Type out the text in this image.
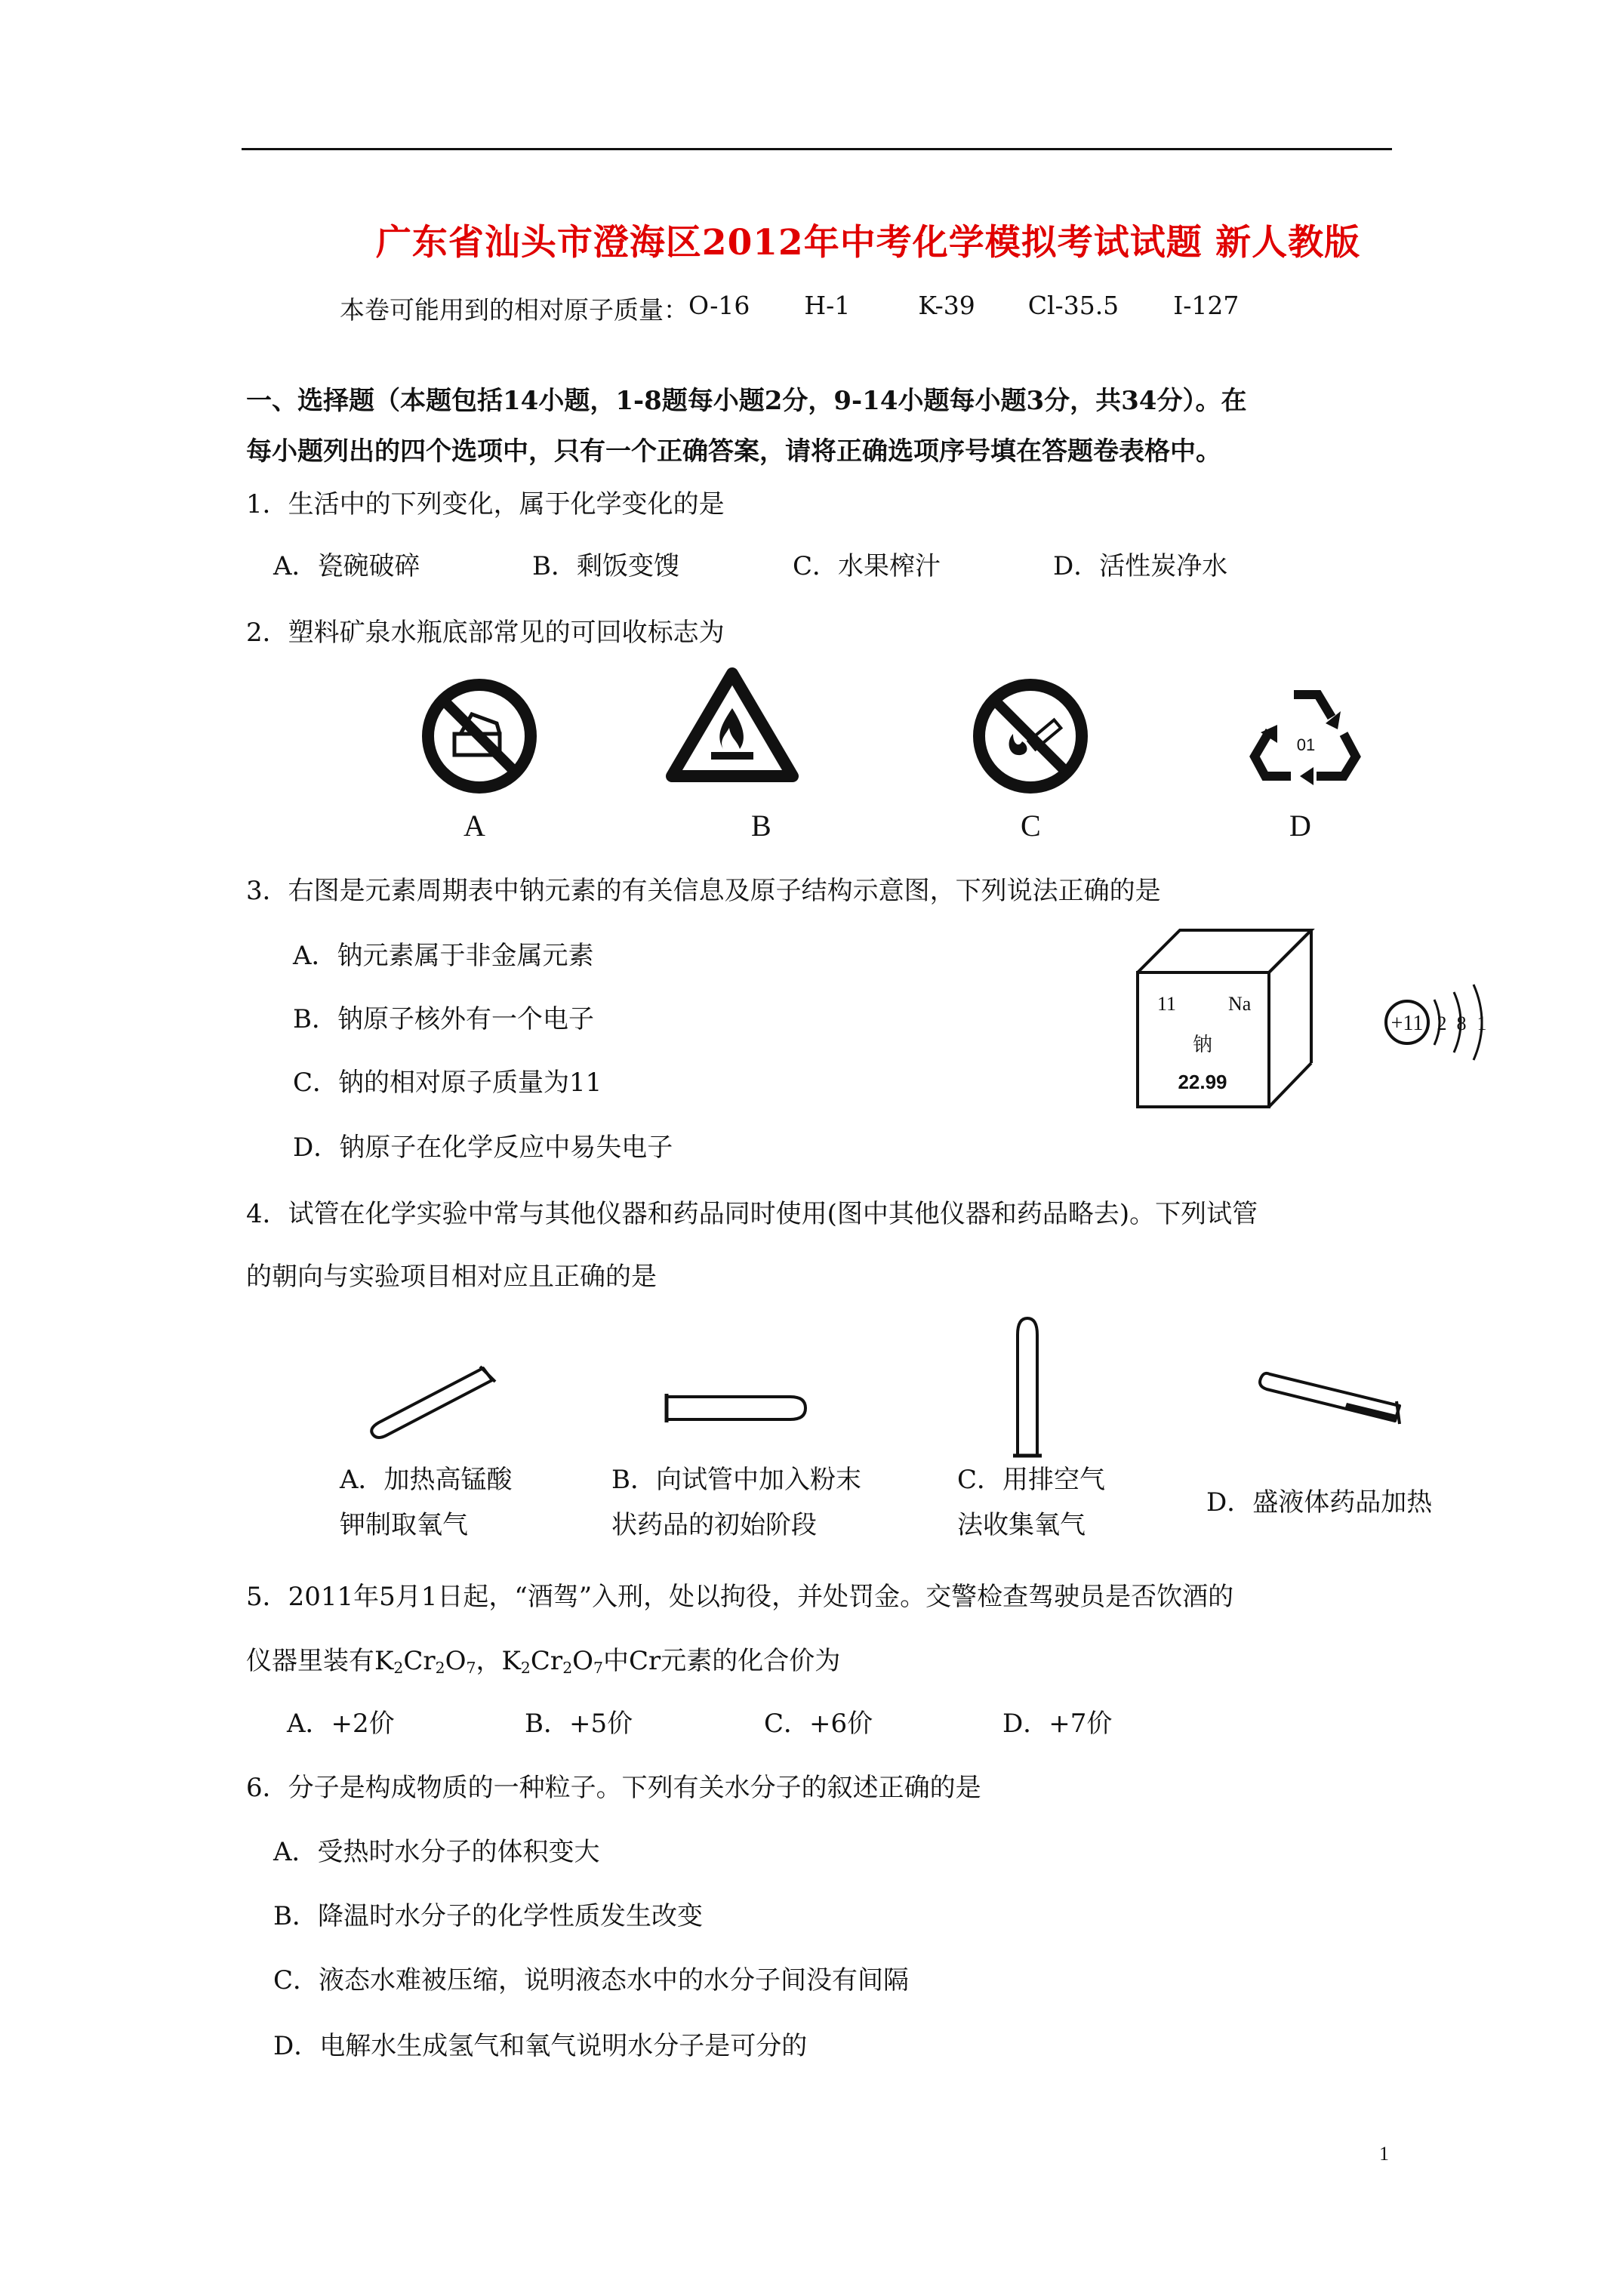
广东省汕头市澄海区2012年中考化学模拟考试试题 新人教版
本卷可能用到的相对原子质量： O-16 H-1	K-39 Cl-35.5 I-127
一、选择题（本题包括14小题，1-8题每小题2分，9-14小题每小题3分，共34分）。在
每小题列出的四个选项中，只有一个正确答案，请将正确选项序号填在答题卷表格中。
1．生活中的下列变化，属于化学变化的是
A．瓷碗破碎	B．剩饭变馊	C．水果榨汁	D．活性炭净水
2．塑料矿泉水瓶底部常见的可回收标志为
01
A	B	C	D
3．右图是元素周期表中钠元素的有关信息及原子结构示意图，下列说法正确的是
A．钠元素属于非金属元素
B．钠原子核外有一个电子
C．钠的相对原子质量为11
D．钠原子在化学反应中易失电子
11	Na
钠
22.99
+11 2 8 1
4．试管在化学实验中常与其他仪器和药品同时使用(图中其他仪器和药品略去)。下列试管
的朝向与实验项目相对应且正确的是
A．加热高锰酸
钾制取氧气
B．向试管中加入粉末
状药品的初始阶段
C．用排空气
法收集氧气
D．盛液体药品加热
5．2011年5月1日起，“酒驾”入刑，处以拘役，并处罚金。交警检查驾驶员是否饮酒的
仪器里装有$K_2Cr_2O_7$，$K_2Cr_2O_7$中Cr元素的化合价为
A．+2价	B．+5价	C．+6价	D．+7价
6．分子是构成物质的一种粒子。下列有关水分子的叙述正确的是
A．受热时水分子的体积变大
B．降温时水分子的化学性质发生改变
C．液态水难被压缩，说明液态水中的水分子间没有间隔
D．电解水生成氢气和氧气说明水分子是可分的
1
